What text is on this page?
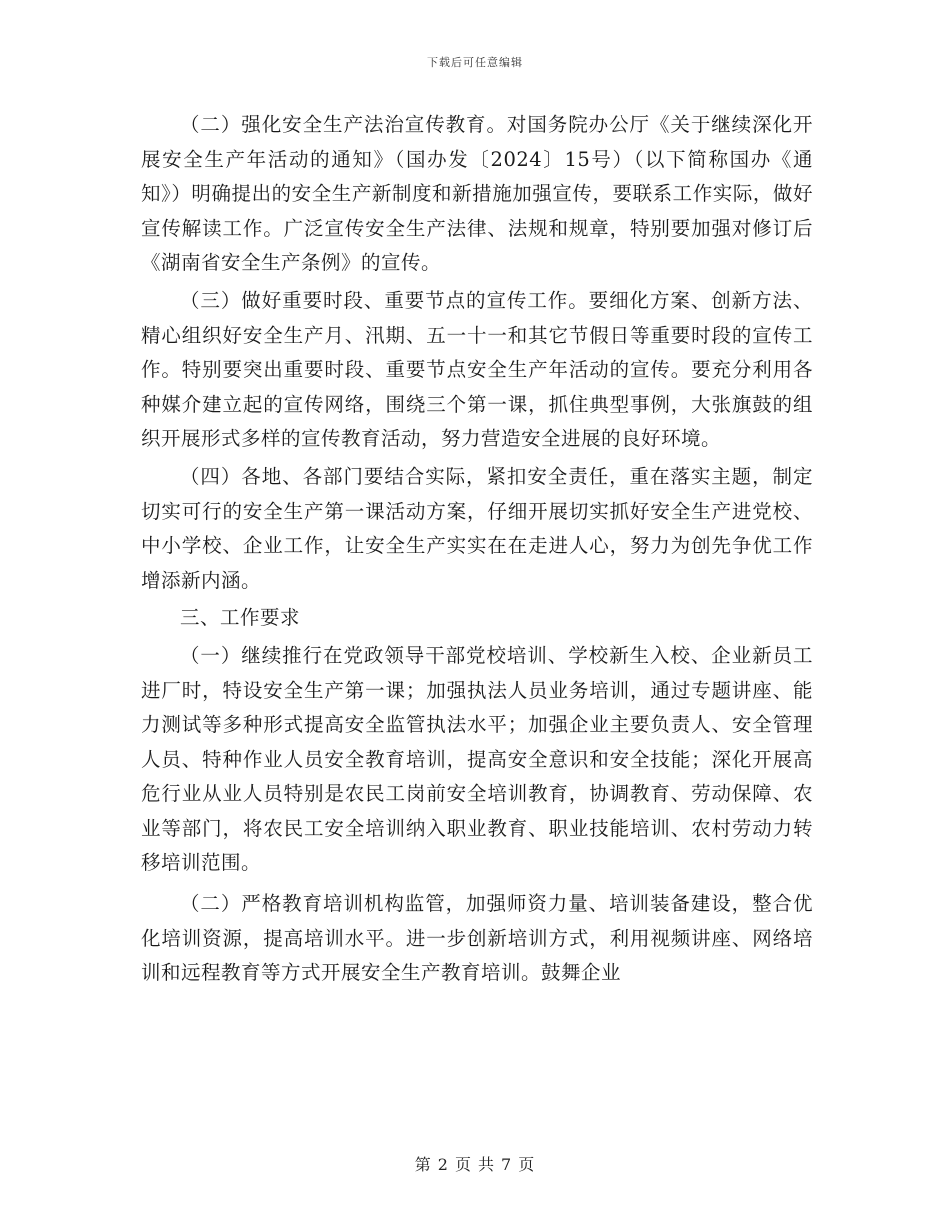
下载后可任意编辑

（二）强化安全生产法治宣传教育。对国务院办公厅《关于继续深化开展安全生产年活动的通知》（国办发〔2024〕15号）（以下简称国办《通知》）明确提出的安全生产新制度和新措施加强宣传，要联系工作实际，做好宣传解读工作。广泛宣传安全生产法律、法规和规章，特别要加强对修订后《湖南省安全生产条例》的宣传。

（三）做好重要时段、重要节点的宣传工作。要细化方案、创新方法、精心组织好安全生产月、汛期、五一十一和其它节假日等重要时段的宣传工作。特别要突出重要时段、重要节点安全生产年活动的宣传。要充分利用各种媒介建立起的宣传网络，围绕三个第一课，抓住典型事例，大张旗鼓的组织开展形式多样的宣传教育活动，努力营造安全进展的良好环境。

（四）各地、各部门要结合实际，紧扣安全责任，重在落实主题，制定切实可行的安全生产第一课活动方案，仔细开展切实抓好安全生产进党校、中小学校、企业工作，让安全生产实实在在走进人心，努力为创先争优工作增添新内涵。

三、工作要求

（一）继续推行在党政领导干部党校培训、学校新生入校、企业新员工进厂时，特设安全生产第一课；加强执法人员业务培训，通过专题讲座、能力测试等多种形式提高安全监管执法水平；加强企业主要负责人、安全管理人员、特种作业人员安全教育培训，提高安全意识和安全技能；深化开展高危行业从业人员特别是农民工岗前安全培训教育，协调教育、劳动保障、农业等部门，将农民工安全培训纳入职业教育、职业技能培训、农村劳动力转移培训范围。

（二）严格教育培训机构监管，加强师资力量、培训装备建设，整合优化培训资源，提高培训水平。进一步创新培训方式，利用视频讲座、网络培训和远程教育等方式开展安全生产教育培训。鼓舞企业

第 2 页 共 7 页
